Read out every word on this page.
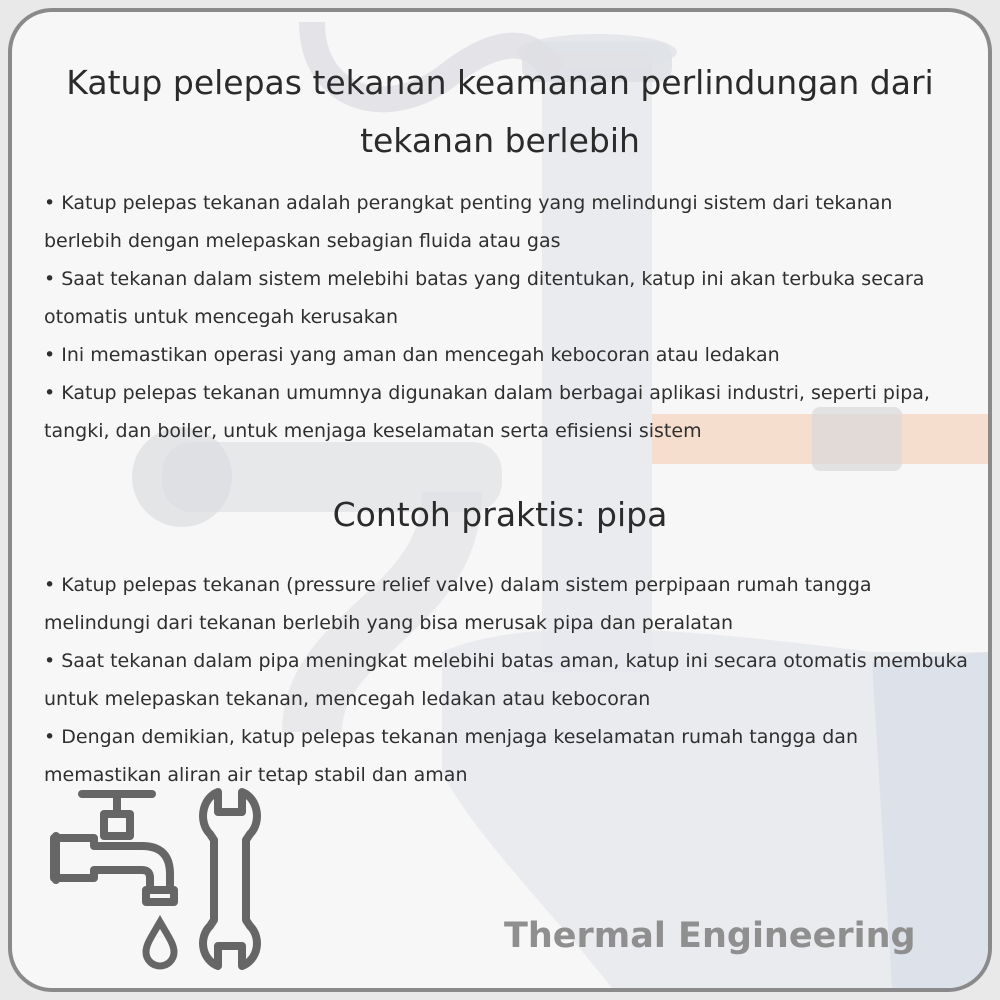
Katup pelepas tekanan keamanan perlindungan dari tekanan berlebih
• Katup pelepas tekanan adalah perangkat penting yang melindungi sistem dari tekanan berlebih dengan melepaskan sebagian fluida atau gas
• Saat tekanan dalam sistem melebihi batas yang ditentukan, katup ini akan terbuka secara otomatis untuk mencegah kerusakan
• Ini memastikan operasi yang aman dan mencegah kebocoran atau ledakan
• Katup pelepas tekanan umumnya digunakan dalam berbagai aplikasi industri, seperti pipa, tangki, dan boiler, untuk menjaga keselamatan serta efisiensi sistem
Contoh praktis: pipa
• Katup pelepas tekanan (pressure relief valve) dalam sistem perpipaan rumah tangga melindungi dari tekanan berlebih yang bisa merusak pipa dan peralatan
• Saat tekanan dalam pipa meningkat melebihi batas aman, katup ini secara otomatis membuka untuk melepaskan tekanan, mencegah ledakan atau kebocoran
• Dengan demikian, katup pelepas tekanan menjaga keselamatan rumah tangga dan memastikan aliran air tetap stabil dan aman
Thermal Engineering
